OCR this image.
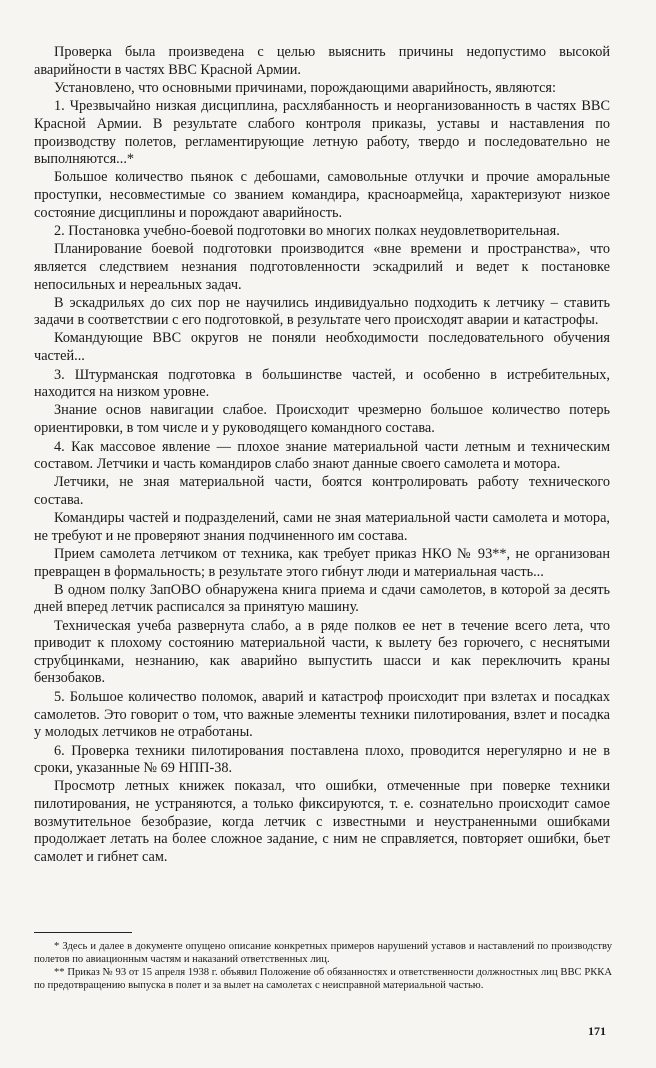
Проверка была произведена с целью выяснить причины недопустимо высокой аварийности в частях ВВС Красной Армии.

Установлено, что основными причинами, порождающими аварийность, являются:

1. Чрезвычайно низкая дисциплина, расхлябанность и неорганизованность в частях ВВС Красной Армии. В результате слабого контроля приказы, уставы и наставления по производству полетов, регламентирующие летную работу, твердо и последовательно не выполняются...*

Большое количество пьянок с дебошами, самовольные отлучки и прочие аморальные проступки, несовместимые со званием командира, красноармейца, характеризуют низкое состояние дисциплины и порождают аварийность.

2. Постановка учебно-боевой подготовки во многих полках неудовлетворительная.

Планирование боевой подготовки производится «вне времени и пространства», что является следствием незнания подготовленности эскадрилий и ведет к постановке непосильных и нереальных задач.

В эскадрильях до сих пор не научились индивидуально подходить к летчику – ставить задачи в соответствии с его подготовкой, в результате чего происходят аварии и катастрофы.

Командующие ВВС округов не поняли необходимости последовательного обучения частей...

3. Штурманская подготовка в большинстве частей, и особенно в истребительных, находится на низком уровне.

Знание основ навигации слабое. Происходит чрезмерно большое количество потерь ориентировки, в том числе и у руководящего командного состава.

4. Как массовое явление — плохое знание материальной части летным и техническим составом. Летчики и часть командиров слабо знают данные своего самолета и мотора.

Летчики, не зная материальной части, боятся контролировать работу технического состава.

Командиры частей и подразделений, сами не зная материальной части самолета и мотора, не требуют и не проверяют знания подчиненного им состава.

Прием самолета летчиком от техника, как требует приказ НКО № 93**, не организован превращен в формальность; в результате этого гибнут люди и материальная часть...

В одном полку ЗапОВО обнаружена книга приема и сдачи самолетов, в которой за десять дней вперед летчик расписался за принятую машину.

Техническая учеба развернута слабо, а в ряде полков ее нет в течение всего лета, что приводит к плохому состоянию материальной части, к вылету без горючего, с неснятыми струбцинками, незнанию, как аварийно выпустить шасси и как переключить краны бензобаков.

5. Большое количество поломок, аварий и катастроф происходит при взлетах и посадках самолетов. Это говорит о том, что важные элементы техники пилотирования, взлет и посадка у молодых летчиков не отработаны.

6. Проверка техники пилотирования поставлена плохо, проводится нерегулярно и не в сроки, указанные № 69 НПП-38.

Просмотр летных книжек показал, что ошибки, отмеченные при поверке техники пилотирования, не устраняются, а только фиксируются, т. е. сознательно происходит самое возмутительное безобразие, когда летчик с известными и неустраненными ошибками продолжает летать на более сложное задание, с ним не справляется, повторяет ошибки, бьет самолет и гибнет сам.

* Здесь и далее в документе опущено описание конкретных примеров нарушений уставов и наставлений по производству полетов по авиационным частям и наказаний ответственных лиц.

** Приказ № 93 от 15 апреля 1938 г. объявил Положение об обязанностях и ответственности должностных лиц ВВС РККА по предотвращению выпуска в полет и за вылет на самолетах с неисправной материальной частью.

171
